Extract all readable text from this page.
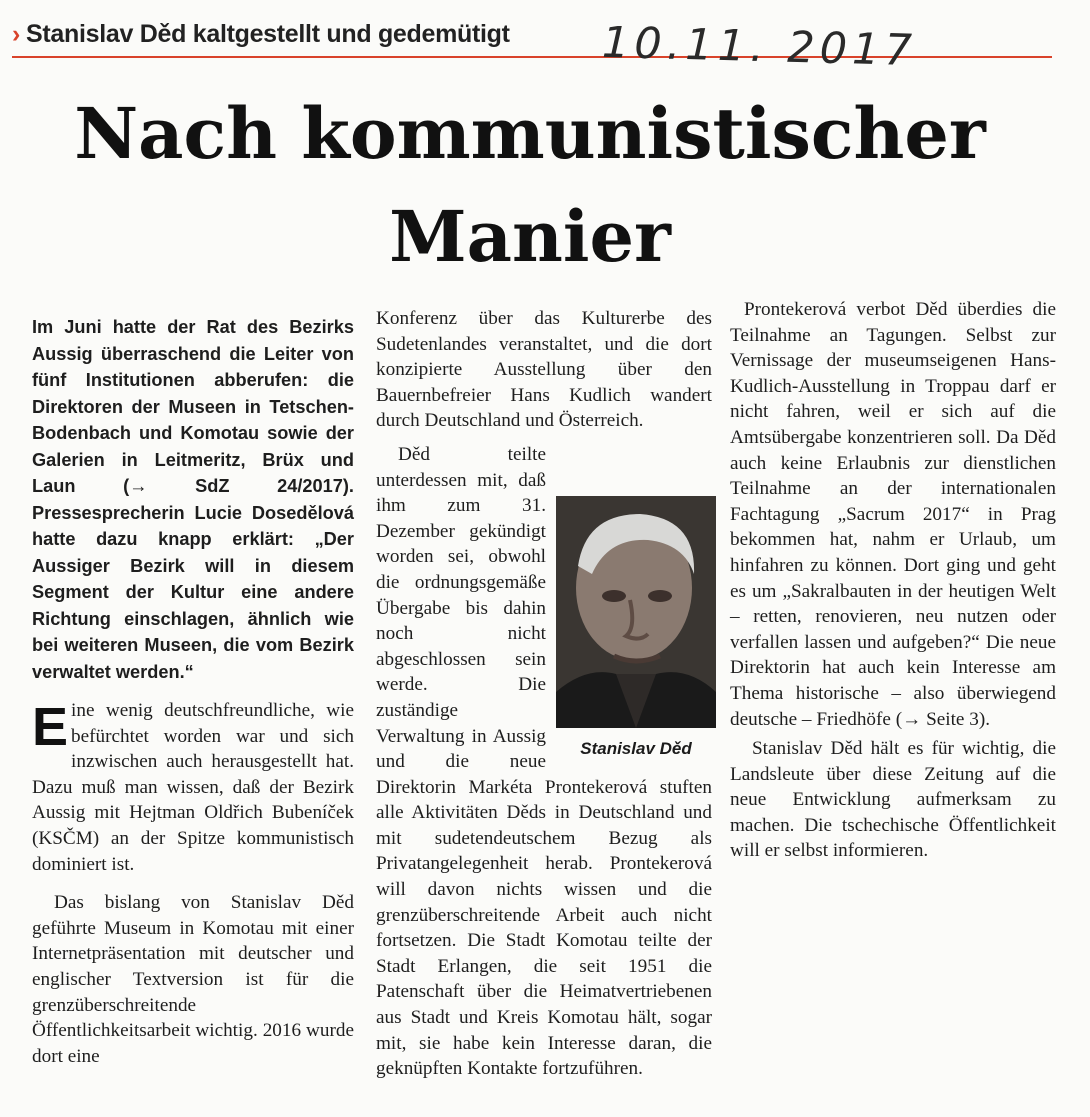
› Stanislav Děd kaltgestellt und gedemütigt 10.11. 2017
Nach kommunistischer
Manier

Im Juni hatte der Rat des Bezirks Aussig überraschend die Leiter von fünf Institutionen abberufen: die Direktoren der Museen in Tetschen-Bodenbach und Komotau sowie der Galerien in Leitmeritz, Brüx und Laun (→ SdZ 24/2017). Pressesprecherin Lucie Dosedělová hatte dazu knapp erklärt: „Der Aussiger Bezirk will in diesem Segment der Kultur eine andere Richtung einschlagen, ähnlich wie bei weiteren Museen, die vom Bezirk verwaltet werden.“

Eine wenig deutschfreundliche, wie befürchtet worden war und sich inzwischen auch herausgestellt hat. Dazu muß man wissen, daß der Bezirk Aussig mit Hejtman Oldřich Bubeníček (KSČM) an der Spitze kommunistisch dominiert ist.

Das bislang von Stanislav Děd geführte Museum in Komotau mit einer Internetpräsentation mit deutscher und englischer Textversion ist für die grenzüberschreitende Öffentlichkeitsarbeit wichtig. 2016 wurde dort eine

Konferenz über das Kulturerbe des Sudetenlandes veranstaltet, und die dort konzipierte Ausstellung über den Bauernbefreier Hans Kudlich wandert durch Deutschland und Österreich.

Stanislav Děd

Děd teilte unterdessen mit, daß ihm zum 31. Dezember gekündigt worden sei, obwohl die ordnungsgemäße Übergabe bis dahin noch nicht abgeschlossen sein werde. Die zuständige Verwaltung in Aussig und die neue Direktorin Markéta Prontekerová stuften alle Aktivitäten Děds in Deutschland und mit sudetendeutschem Bezug als Privatangelegenheit herab. Prontekerová will davon nichts wissen und die grenzüberschreitende Arbeit auch nicht fortsetzen. Die Stadt Komotau teilte der Stadt Erlangen, die seit 1951 die Patenschaft über die Heimatvertriebenen aus Stadt und Kreis Komotau hält, sogar mit, sie habe kein Interesse daran, die geknüpften Kontakte fortzuführen.

Prontekerová verbot Děd überdies die Teilnahme an Tagungen. Selbst zur Vernissage der museumseigenen Hans-Kudlich-Ausstellung in Troppau darf er nicht fahren, weil er sich auf die Amtsübergabe konzentrieren soll. Da Děd auch keine Erlaubnis zur dienstlichen Teilnahme an der internationalen Fachtagung „Sacrum 2017“ in Prag bekommen hat, nahm er Urlaub, um hinfahren zu können. Dort ging und geht es um „Sakralbauten in der heutigen Welt – retten, renovieren, neu nutzen oder verfallen lassen und aufgeben?“ Die neue Direktorin hat auch kein Interesse am Thema historische – also überwiegend deutsche – Friedhöfe (→ Seite 3).

Stanislav Děd hält es für wichtig, die Landsleute über diese Zeitung auf die neue Entwicklung aufmerksam zu machen. Die tschechische Öffentlichkeit will er selbst informieren.
